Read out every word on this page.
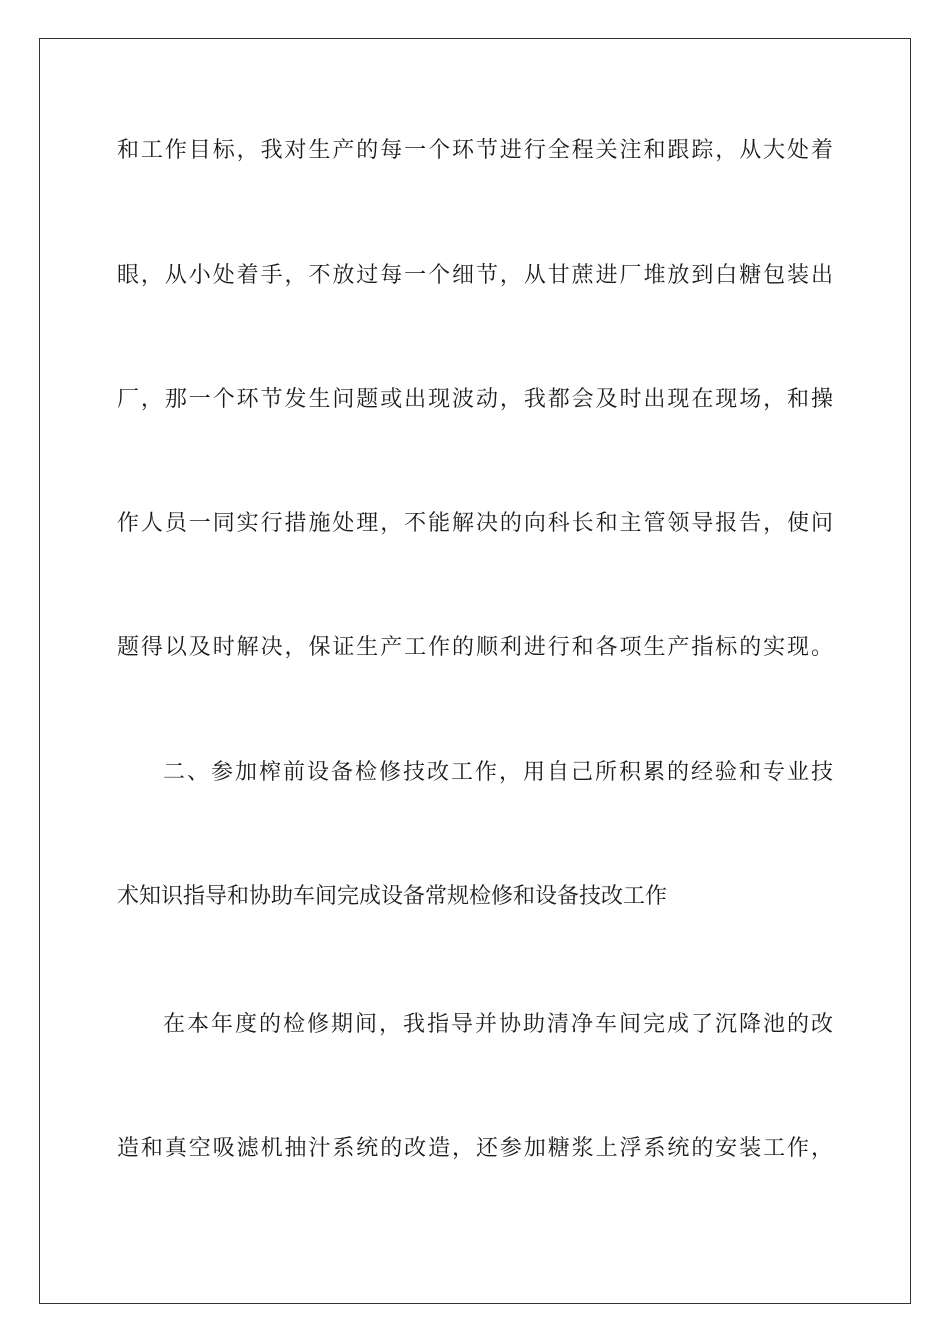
和工作目标，我对生产的每一个环节进行全程关注和跟踪，从大处着
眼，从小处着手，不放过每一个细节，从甘蔗进厂堆放到白糖包装出
厂，那一个环节发生问题或出现波动，我都会及时出现在现场，和操
作人员一同实行措施处理，不能解决的向科长和主管领导报告，使问
题得以及时解决，保证生产工作的顺利进行和各项生产指标的实现。
二、参加榨前设备检修技改工作，用自己所积累的经验和专业技
术知识指导和协助车间完成设备常规检修和设备技改工作
在本年度的检修期间，我指导并协助清净车间完成了沉降池的改
造和真空吸滤机抽汁系统的改造，还参加糖浆上浮系统的安装工作，
